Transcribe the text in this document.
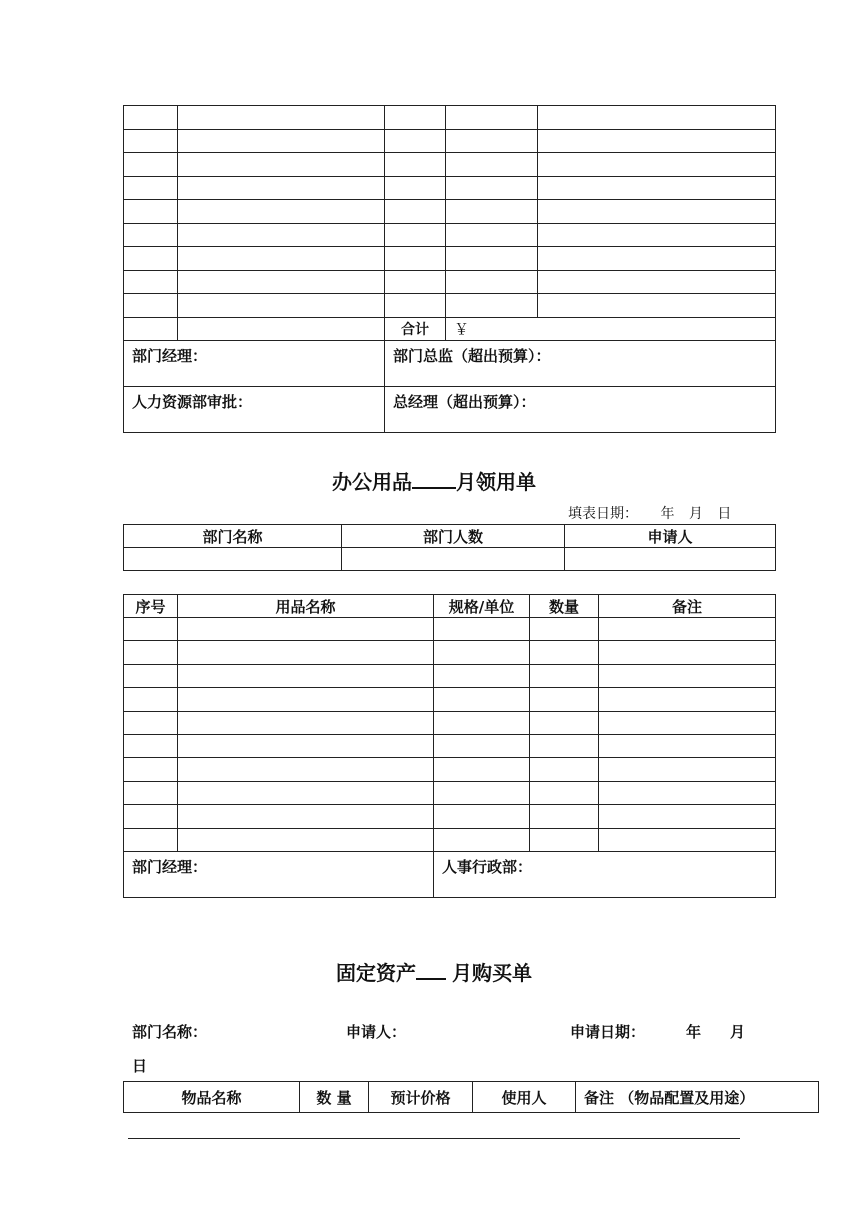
		合计	￥	
部门经理：		部门总监（超出预算）：		
人力资源部审批：		总经理（超出预算）：		
办公用品 月领用单
填表日期： 年 月 日
部门名称	部门人数	申请人

序号	用品名称	规格/单位	数量	备注

部门经理：		人事行政部：		
固定资产 月购买单
部门名称：	申请人：	申请日期：	年 月
日
物品名称	数 量	预计价格	使用人	备注 （物品配置及用途）
